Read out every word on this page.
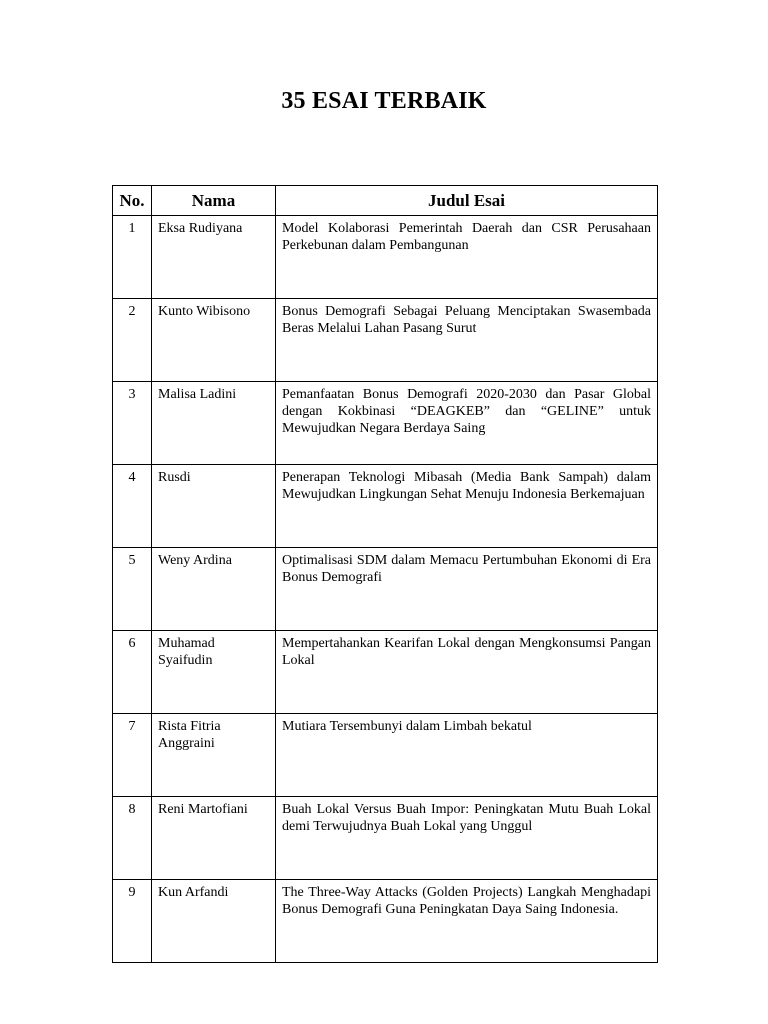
35 ESAI TERBAIK
No.	Nama	Judul Esai
1	Eksa Rudiyana	Model Kolaborasi Pemerintah Daerah dan CSR Perusahaan Perkebunan dalam Pembangunan
2	Kunto Wibisono	Bonus Demografi Sebagai Peluang Menciptakan Swasembada Beras Melalui Lahan Pasang Surut
3	Malisa Ladini	Pemanfaatan Bonus Demografi 2020-2030 dan Pasar Global dengan Kokbinasi “DEAGKEB” dan “GELINE” untuk Mewujudkan Negara Berdaya Saing
4	Rusdi	Penerapan Teknologi Mibasah (Media Bank Sampah) dalam Mewujudkan Lingkungan Sehat Menuju Indonesia Berkemajuan
5	Weny Ardina	Optimalisasi SDM dalam Memacu Pertumbuhan Ekonomi di Era Bonus Demografi
6	Muhamad Syaifudin	Mempertahankan Kearifan Lokal dengan Mengkonsumsi Pangan Lokal
7	Rista Fitria Anggraini	Mutiara Tersembunyi dalam Limbah bekatul
8	Reni Martofiani	Buah Lokal Versus Buah Impor: Peningkatan Mutu Buah Lokal demi Terwujudnya Buah Lokal yang Unggul
9	Kun Arfandi	The Three-Way Attacks (Golden Projects) Langkah Menghadapi Bonus Demografi Guna Peningkatan Daya Saing Indonesia.
